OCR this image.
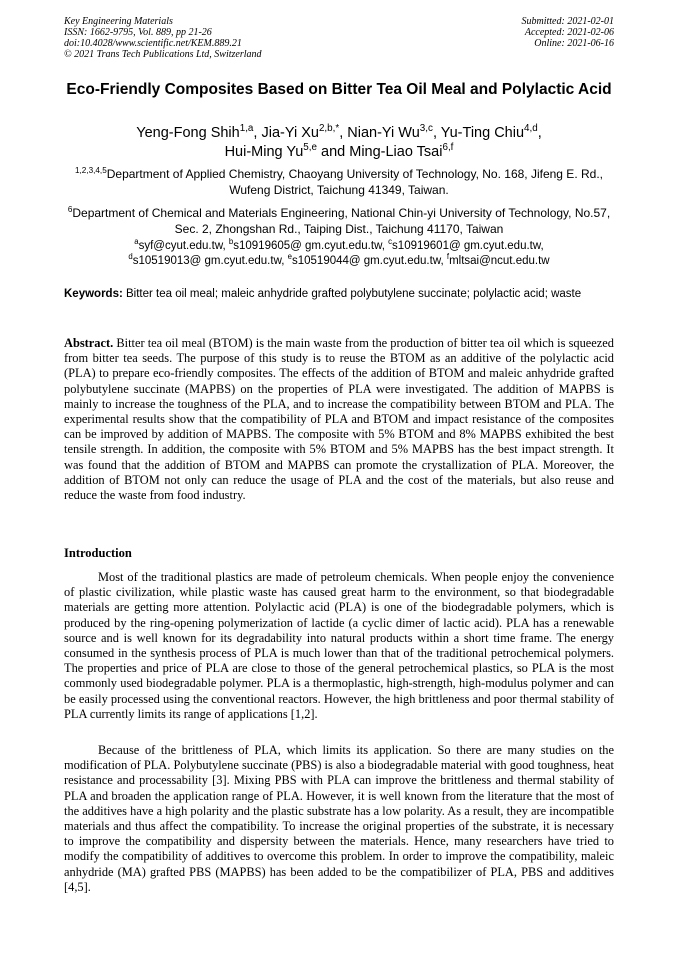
Key Engineering Materials
ISSN: 1662-9795, Vol. 889, pp 21-26
doi:10.4028/www.scientific.net/KEM.889.21
© 2021 Trans Tech Publications Ltd, Switzerland
Submitted: 2021-02-01
Accepted: 2021-02-06
Online: 2021-06-16
Eco-Friendly Composites Based on Bitter Tea Oil Meal and Polylactic Acid
Yeng-Fong Shih$^{1,a}$, Jia-Yi $Xu^{2,b,*}$, Nian-Yi Wu$^{3,c}$, Yu-Ting Chiu$^{4,d}$,
Hui-Ming Yu$^{5,e}$ and Ming-Liao Tsai$^{6,f}$
$^{1,2,3,4,5}$Department of Applied Chemistry, Chaoyang University of Technology, No. 168, Jifeng E. Rd., Wufeng District, Taichung 41349, Taiwan.
$^6$Department of Chemical and Materials Engineering, National Chin-yi University of Technology, No.57, Sec. 2, Zhongshan Rd., Taiping Dist., Taichung 41170, Taiwan
$^a$syf@cyut.edu.tw, $^b$s10919605@ gm.cyut.edu.tw, $^c$s10919601@ gm.cyut.edu.tw,
$^d$s10519013@ gm.cyut.edu.tw, $^e$s10519044@ gm.cyut.edu.tw, $^f$mltsai@ncut.edu.tw
Keywords: Bitter tea oil meal; maleic anhydride grafted polybutylene succinate; polylactic acid; waste
Abstract. Bitter tea oil meal (BTOM) is the main waste from the production of bitter tea oil which is squeezed from bitter tea seeds. The purpose of this study is to reuse the BTOM as an additive of the polylactic acid (PLA) to prepare eco-friendly composites. The effects of the addition of BTOM and maleic anhydride grafted polybutylene succinate (MAPBS) on the properties of PLA were investigated. The addition of MAPBS is mainly to increase the toughness of the PLA, and to increase the compatibility between BTOM and PLA. The experimental results show that the compatibility of PLA and BTOM and impact resistance of the composites can be improved by addition of MAPBS. The composite with 5% BTOM and 8% MAPBS exhibited the best tensile strength. In addition, the composite with 5% BTOM and 5% MAPBS has the best impact strength. It was found that the addition of BTOM and MAPBS can promote the crystallization of PLA. Moreover, the addition of BTOM not only can reduce the usage of PLA and the cost of the materials, but also reuse and reduce the waste from food industry.
Introduction

Most of the traditional plastics are made of petroleum chemicals. When people enjoy the convenience of plastic civilization, while plastic waste has caused great harm to the environment, so that biodegradable materials are getting more attention. Polylactic acid (PLA) is one of the biodegradable polymers, which is produced by the ring-opening polymerization of lactide (a cyclic dimer of lactic acid). PLA has a renewable source and is well known for its degradability into natural products within a short time frame. The energy consumed in the synthesis process of PLA is much lower than that of the traditional petrochemical polymers. The properties and price of PLA are close to those of the general petrochemical plastics, so PLA is the most commonly used biodegradable polymer. PLA is a thermoplastic, high-strength, high-modulus polymer and can be easily processed using the conventional reactors. However, the high brittleness and poor thermal stability of PLA currently limits its range of applications [1,2].

Because of the brittleness of PLA, which limits its application. So there are many studies on the modification of PLA. Polybutylene succinate (PBS) is also a biodegradable material with good toughness, heat resistance and processability [3]. Mixing PBS with PLA can improve the brittleness and thermal stability of PLA and broaden the application range of PLA. However, it is well known from the literature that the most of the additives have a high polarity and the plastic substrate has a low polarity. As a result, they are incompatible materials and thus affect the compatibility. To increase the original properties of the substrate, it is necessary to improve the compatibility and dispersity between the materials. Hence, many researchers have tried to modify the compatibility of additives to overcome this problem. In order to improve the compatibility, maleic anhydride (MA) grafted PBS (MAPBS) has been added to be the compatibilizer of PLA, PBS and additives [4,5].
